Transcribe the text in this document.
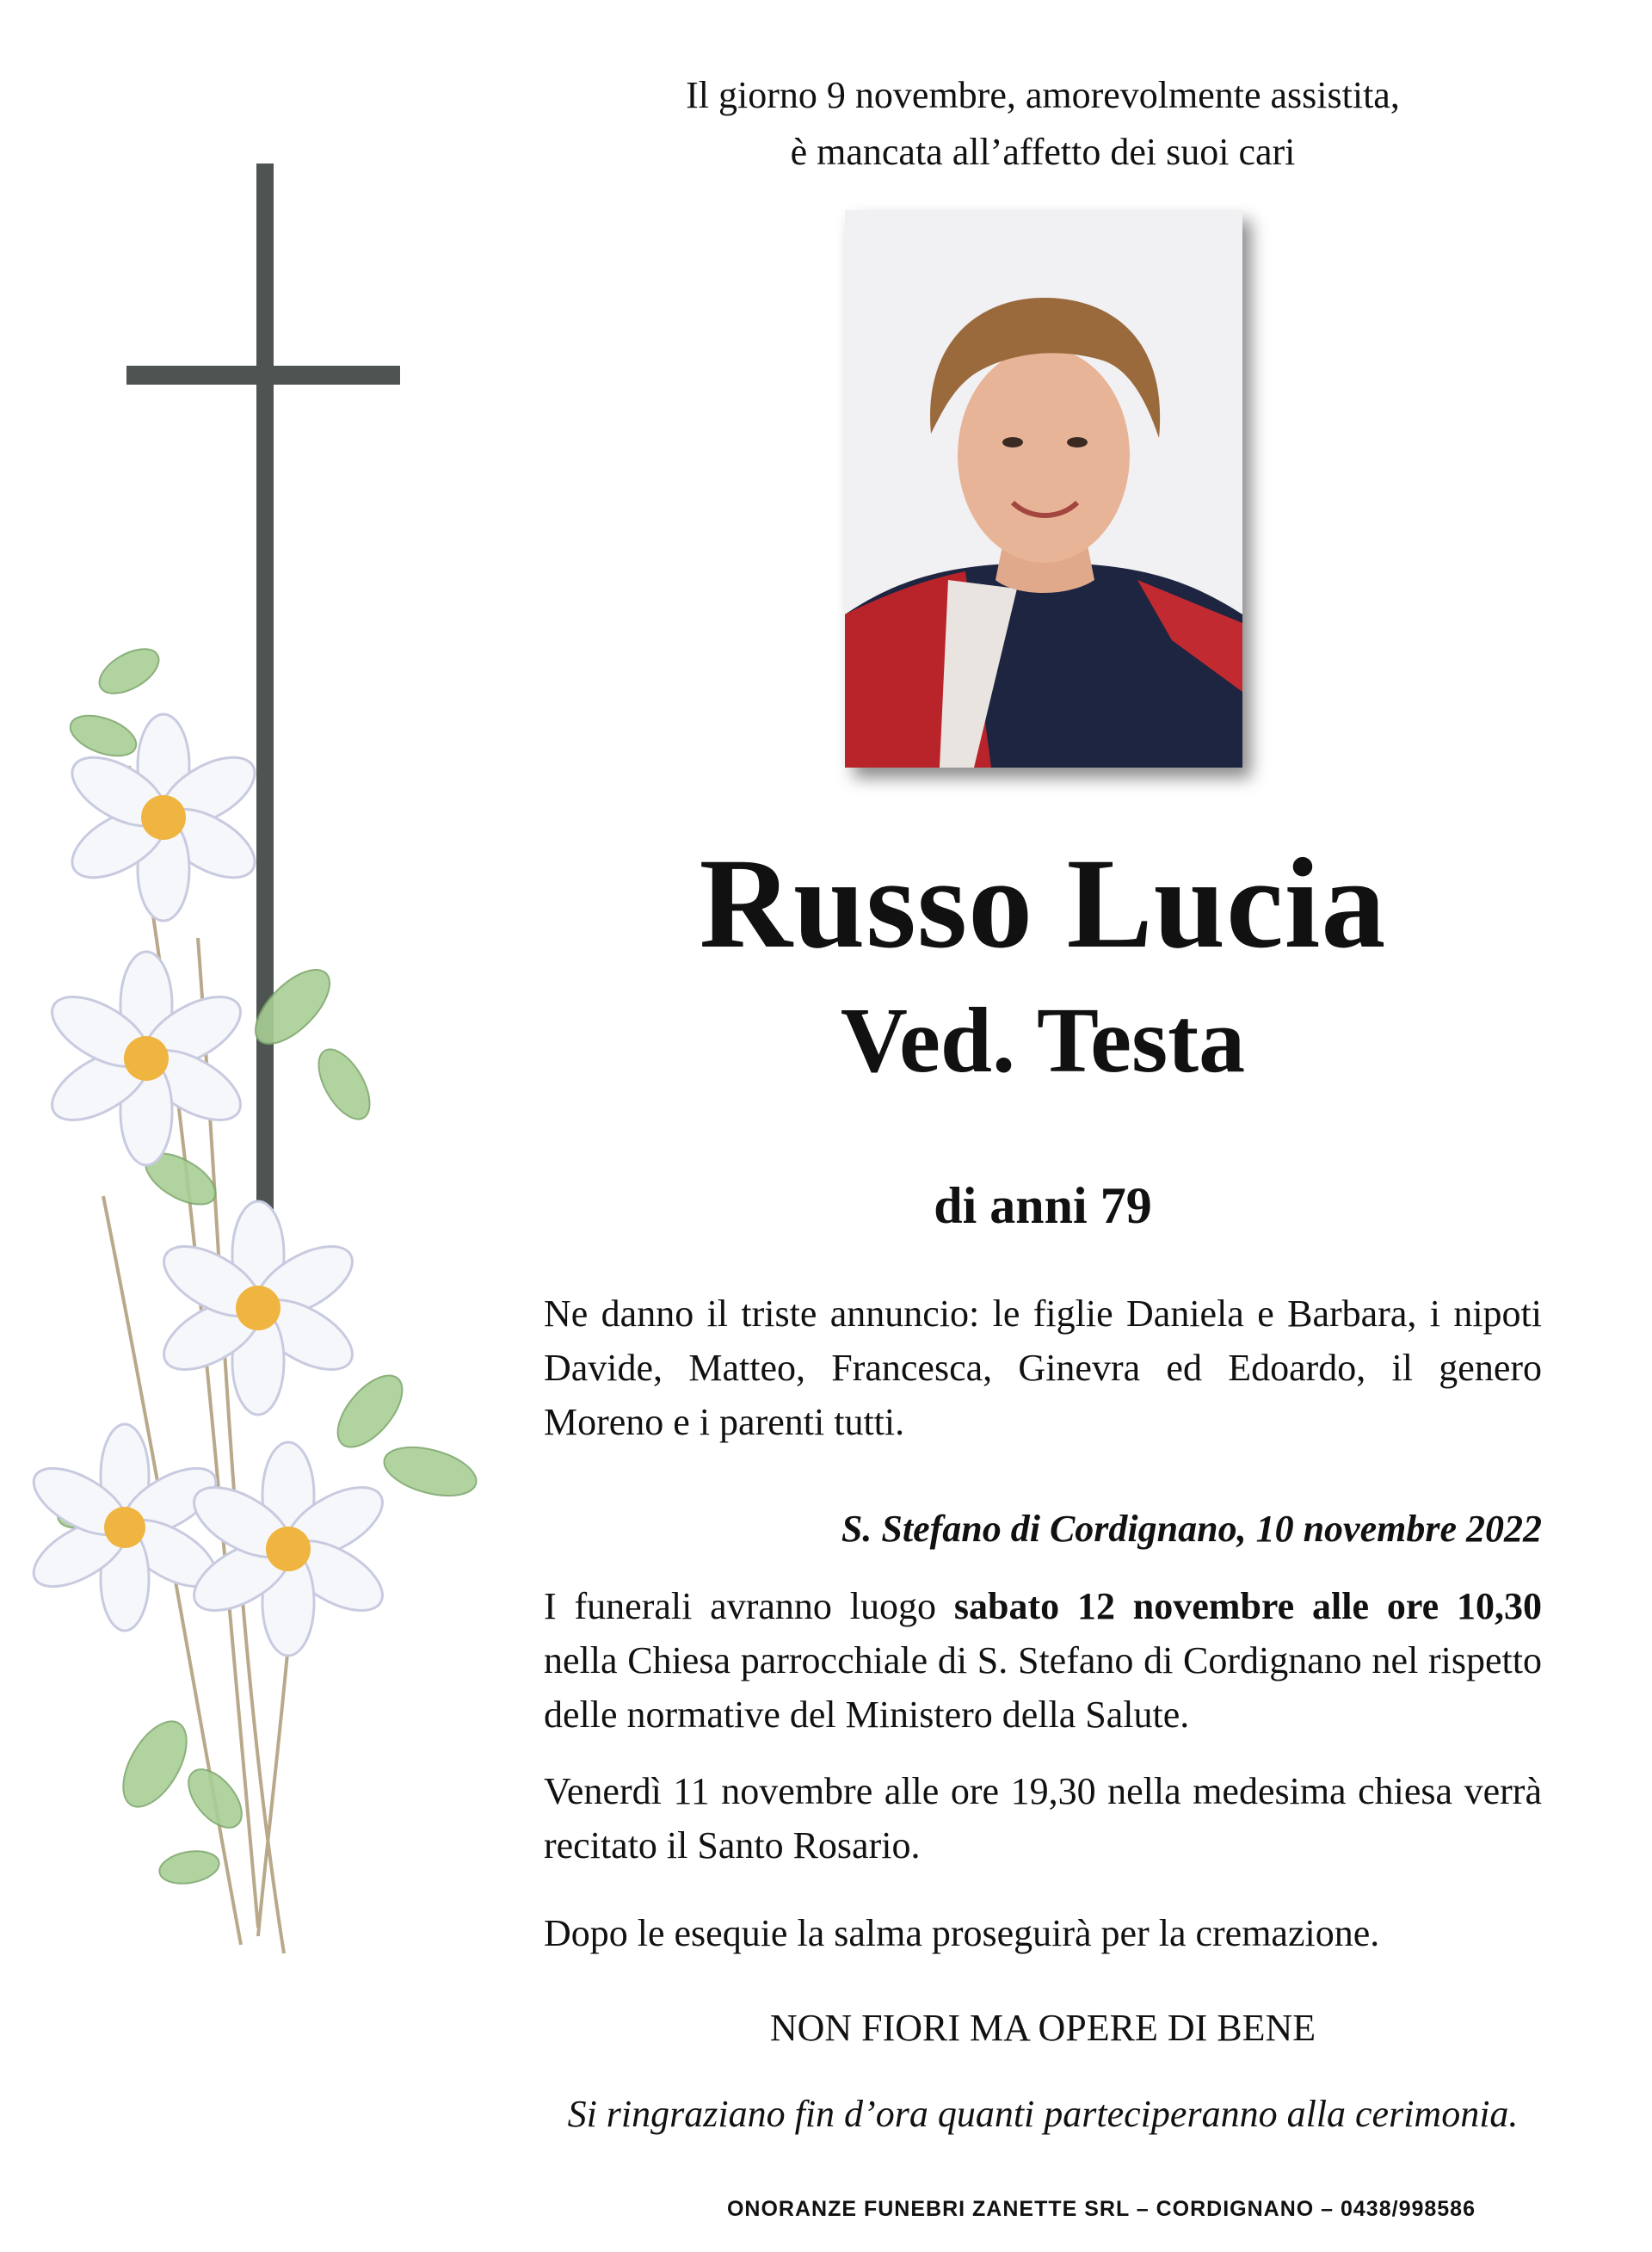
Il giorno 9 novembre, amorevolmente assistita,
è mancata all’affetto dei suoi cari
Russo Lucia
Ved. Testa
di anni 79
Ne danno il triste annuncio: le figlie Daniela e Barbara, i nipoti Davide, Matteo, Francesca, Ginevra ed Edoardo, il genero Moreno e i parenti tutti.
S. Stefano di Cordignano, 10 novembre 2022
I funerali avranno luogo sabato 12 novembre alle ore 10,30 nella Chiesa parrocchiale di S. Stefano di Cordignano nel rispetto delle normative del Ministero della Salute.
Venerdì 11 novembre alle ore 19,30 nella medesima chiesa verrà recitato il Santo Rosario.
Dopo le esequie la salma proseguirà per la cremazione.
NON FIORI MA OPERE DI BENE
Si ringraziano fin d’ora quanti parteciperanno alla cerimonia.
ONORANZE FUNEBRI ZANETTE SRL – CORDIGNANO – 0438/998586
